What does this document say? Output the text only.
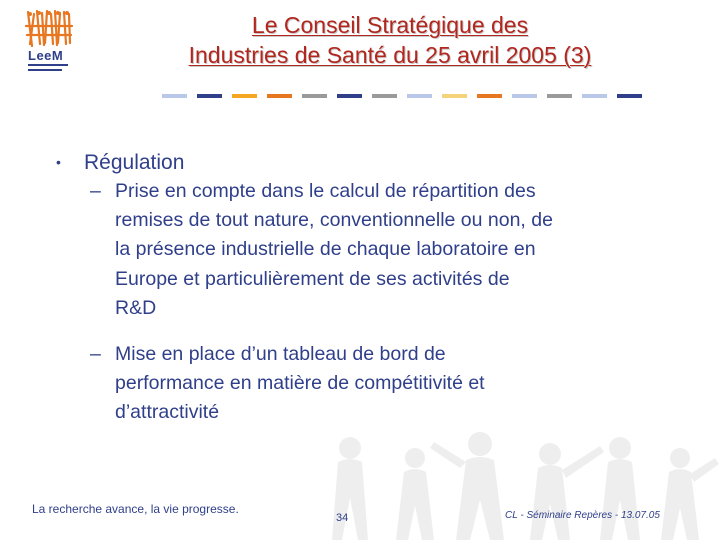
LeeM
Le Conseil Stratégique des
Industries de Santé du 25 avril 2005 (3)
• Régulation
– Prise en compte dans le calcul de répartition des
remises de tout nature, conventionnelle ou non, de
la présence industrielle de chaque laboratoire en
Europe et particulièrement de ses activités de
R&D
– Mise en place d’un tableau de bord de
performance en matière de compétitivité et
d’attractivité
La recherche avance, la vie progresse.
34	CL - Séminaire Repères - 13.07.05
